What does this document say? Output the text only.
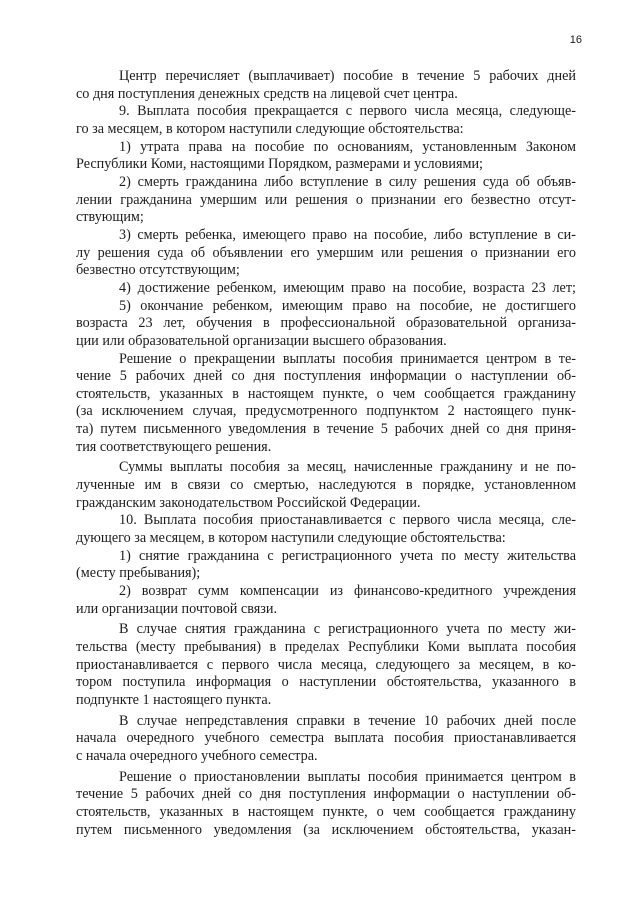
16
Центр перечисляет (выплачивает) пособие в течение 5 рабочих дней
со дня поступления денежных средств на лицевой счет центра.
9. Выплата пособия прекращается с первого числа месяца, следующе-
го за месяцем, в котором наступили следующие обстоятельства:
1) утрата права на пособие по основаниям, установленным Законом
Республики Коми, настоящими Порядком, размерами и условиями;
2) смерть гражданина либо вступление в силу решения суда об объяв-
лении гражданина умершим или решения о признании его безвестно отсут-
ствующим;
3) смерть ребенка, имеющего право на пособие, либо вступление в си-
лу решения суда об объявлении его умершим или решения о признании его
безвестно отсутствующим;
4) достижение ребенком, имеющим право на пособие, возраста 23 лет;
5) окончание ребенком, имеющим право на пособие, не достигшего
возраста 23 лет, обучения в профессиональной образовательной организа-
ции или образовательной организации высшего образования.
Решение о прекращении выплаты пособия принимается центром в те-
чение 5 рабочих дней со дня поступления информации о наступлении об-
стоятельств, указанных в настоящем пункте, о чем сообщается гражданину
(за исключением случая, предусмотренного подпунктом 2 настоящего пунк-
та) путем письменного уведомления в течение 5 рабочих дней со дня приня-
тия соответствующего решения.
Суммы выплаты пособия за месяц, начисленные гражданину и не по-
лученные им в связи со смертью, наследуются в порядке, установленном
гражданским законодательством Российской Федерации.
10. Выплата пособия приостанавливается с первого числа месяца, сле-
дующего за месяцем, в котором наступили следующие обстоятельства:
1) снятие гражданина с регистрационного учета по месту жительства
(месту пребывания);
2) возврат сумм компенсации из финансово-кредитного учреждения
или организации почтовой связи.
В случае снятия гражданина с регистрационного учета по месту жи-
тельства (месту пребывания) в пределах Республики Коми выплата пособия
приостанавливается с первого числа месяца, следующего за месяцем, в ко-
тором поступила информация о наступлении обстоятельства, указанного в
подпункте 1 настоящего пункта.
В случае непредставления справки в течение 10 рабочих дней после
начала очередного учебного семестра выплата пособия приостанавливается
с начала очередного учебного семестра.
Решение о приостановлении выплаты пособия принимается центром в
течение 5 рабочих дней со дня поступления информации о наступлении об-
стоятельств, указанных в настоящем пункте, о чем сообщается гражданину
путем письменного уведомления (за исключением обстоятельства, указан-
